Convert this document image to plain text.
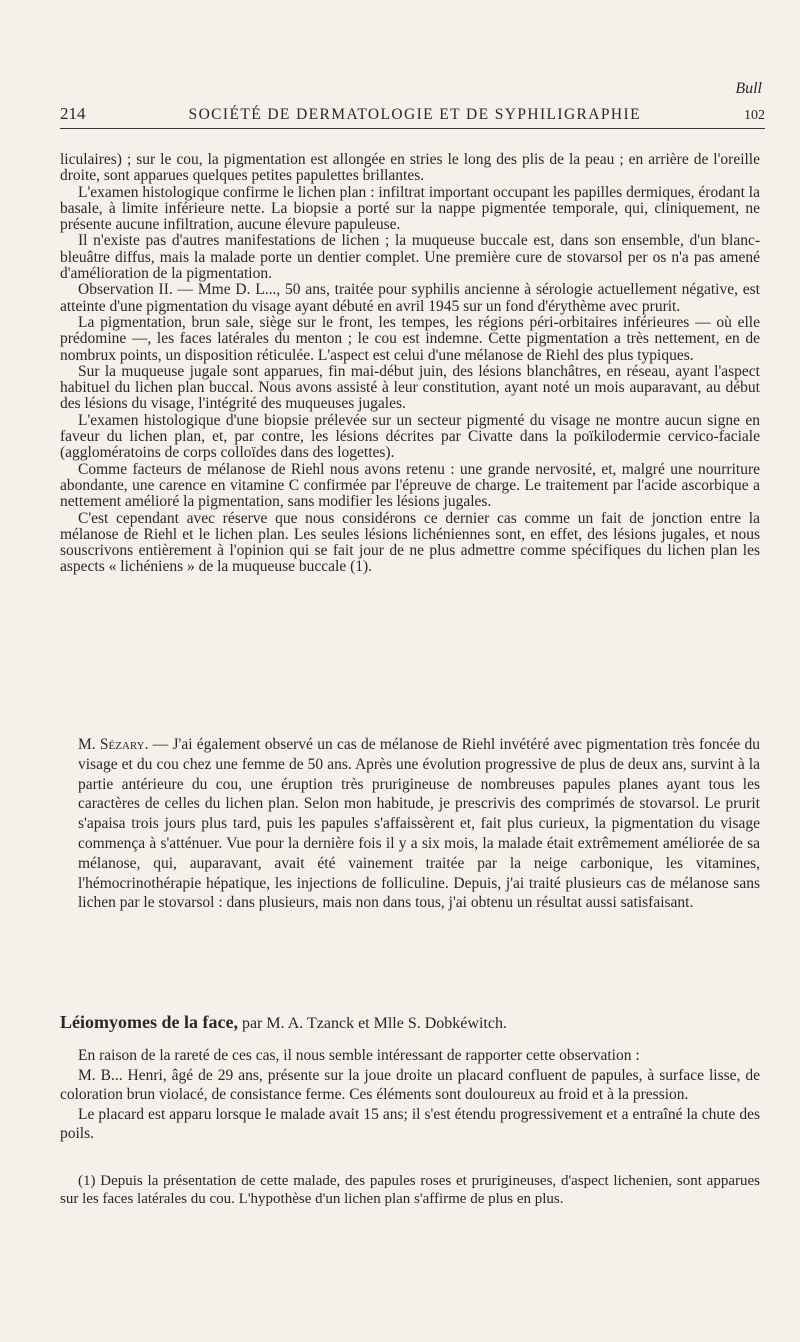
Bull
214	SOCIÉTÉ DE DERMATOLOGIE ET DE SYPHILIGRAPHIE	102

liculaires) ; sur le cou, la pigmentation est allongée en stries le long des plis de la peau ; en arrière de l'oreille droite, sont apparues quelques petites papulettes brillantes.

L'examen histologique confirme le lichen plan : infiltrat important occupant les papilles dermiques, érodant la basale, à limite inférieure nette. La biopsie a porté sur la nappe pigmentée temporale, qui, cliniquement, ne présente aucune infiltration, aucune élevure papuleuse.

Il n'existe pas d'autres manifestations de lichen ; la muqueuse buccale est, dans son ensemble, d'un blanc-bleuâtre diffus, mais la malade porte un dentier complet. Une première cure de stovarsol per os n'a pas amené d'amélioration de la pigmentation.

Observation II. — Mme D. L..., 50 ans, traitée pour syphilis ancienne à sérologie actuellement négative, est atteinte d'une pigmentation du visage ayant débuté en avril 1945 sur un fond d'érythème avec prurit.

La pigmentation, brun sale, siège sur le front, les tempes, les régions péri-orbitaires inférieures — où elle prédomine —, les faces latérales du menton ; le cou est indemne. Cette pigmentation a très nettement, en de nombrux points, un disposition réticulée. L'aspect est celui d'une mélanose de Riehl des plus typiques.

Sur la muqueuse jugale sont apparues, fin mai-début juin, des lésions blanchâtres, en réseau, ayant l'aspect habituel du lichen plan buccal. Nous avons assisté à leur constitution, ayant noté un mois auparavant, au début des lésions du visage, l'intégrité des muqueuses jugales.

L'examen histologique d'une biopsie prélevée sur un secteur pigmenté du visage ne montre aucun signe en faveur du lichen plan, et, par contre, les lésions décrites par Civatte dans la poïkilodermie cervico-faciale (agglomératoins de corps colloïdes dans des logettes).

Comme facteurs de mélanose de Riehl nous avons retenu : une grande nervosité, et, malgré une nourriture abondante, une carence en vitamine C confirmée par l'épreuve de charge. Le traitement par l'acide ascorbique a nettement amélioré la pigmentation, sans modifier les lésions jugales.

C'est cependant avec réserve que nous considérons ce dernier cas comme un fait de jonction entre la mélanose de Riehl et le lichen plan. Les seules lésions lichéniennes sont, en effet, des lésions jugales, et nous souscrivons entièrement à l'opinion qui se fait jour de ne plus admettre comme spécifiques du lichen plan les aspects « lichéniens » de la muqueuse buccale (1).

M. Sézary. — J'ai également observé un cas de mélanose de Riehl invétéré avec pigmentation très foncée du visage et du cou chez une femme de 50 ans. Après une évolution progressive de plus de deux ans, survint à la partie antérieure du cou, une éruption très prurigineuse de nombreuses papules planes ayant tous les caractères de celles du lichen plan. Selon mon habitude, je prescrivis des comprimés de stovarsol. Le prurit s'apaisa trois jours plus tard, puis les papules s'affaissèrent et, fait plus curieux, la pigmentation du visage commença à s'atténuer. Vue pour la dernière fois il y a six mois, la malade était extrêmement améliorée de sa mélanose, qui, auparavant, avait été vainement traitée par la neige carbonique, les vitamines, l'hémocrinothérapie hépatique, les injections de folliculine. Depuis, j'ai traité plusieurs cas de mélanose sans lichen par le stovarsol : dans plusieurs, mais non dans tous, j'ai obtenu un résultat aussi satisfaisant.

Léiomyomes de la face, par M. A. Tzanck et Mlle S. Dobkéwitch.

En raison de la rareté de ces cas, il nous semble intéressant de rapporter cette observation :

M. B... Henri, âgé de 29 ans, présente sur la joue droite un placard confluent de papules, à surface lisse, de coloration brun violacé, de consistance ferme. Ces éléments sont douloureux au froid et à la pression.

Le placard est apparu lorsque le malade avait 15 ans; il s'est étendu progressivement et a entraîné la chute des poils.

(1) Depuis la présentation de cette malade, des papules roses et prurigineuses, d'aspect lichenien, sont apparues sur les faces latérales du cou. L'hypothèse d'un lichen plan s'affirme de plus en plus.
